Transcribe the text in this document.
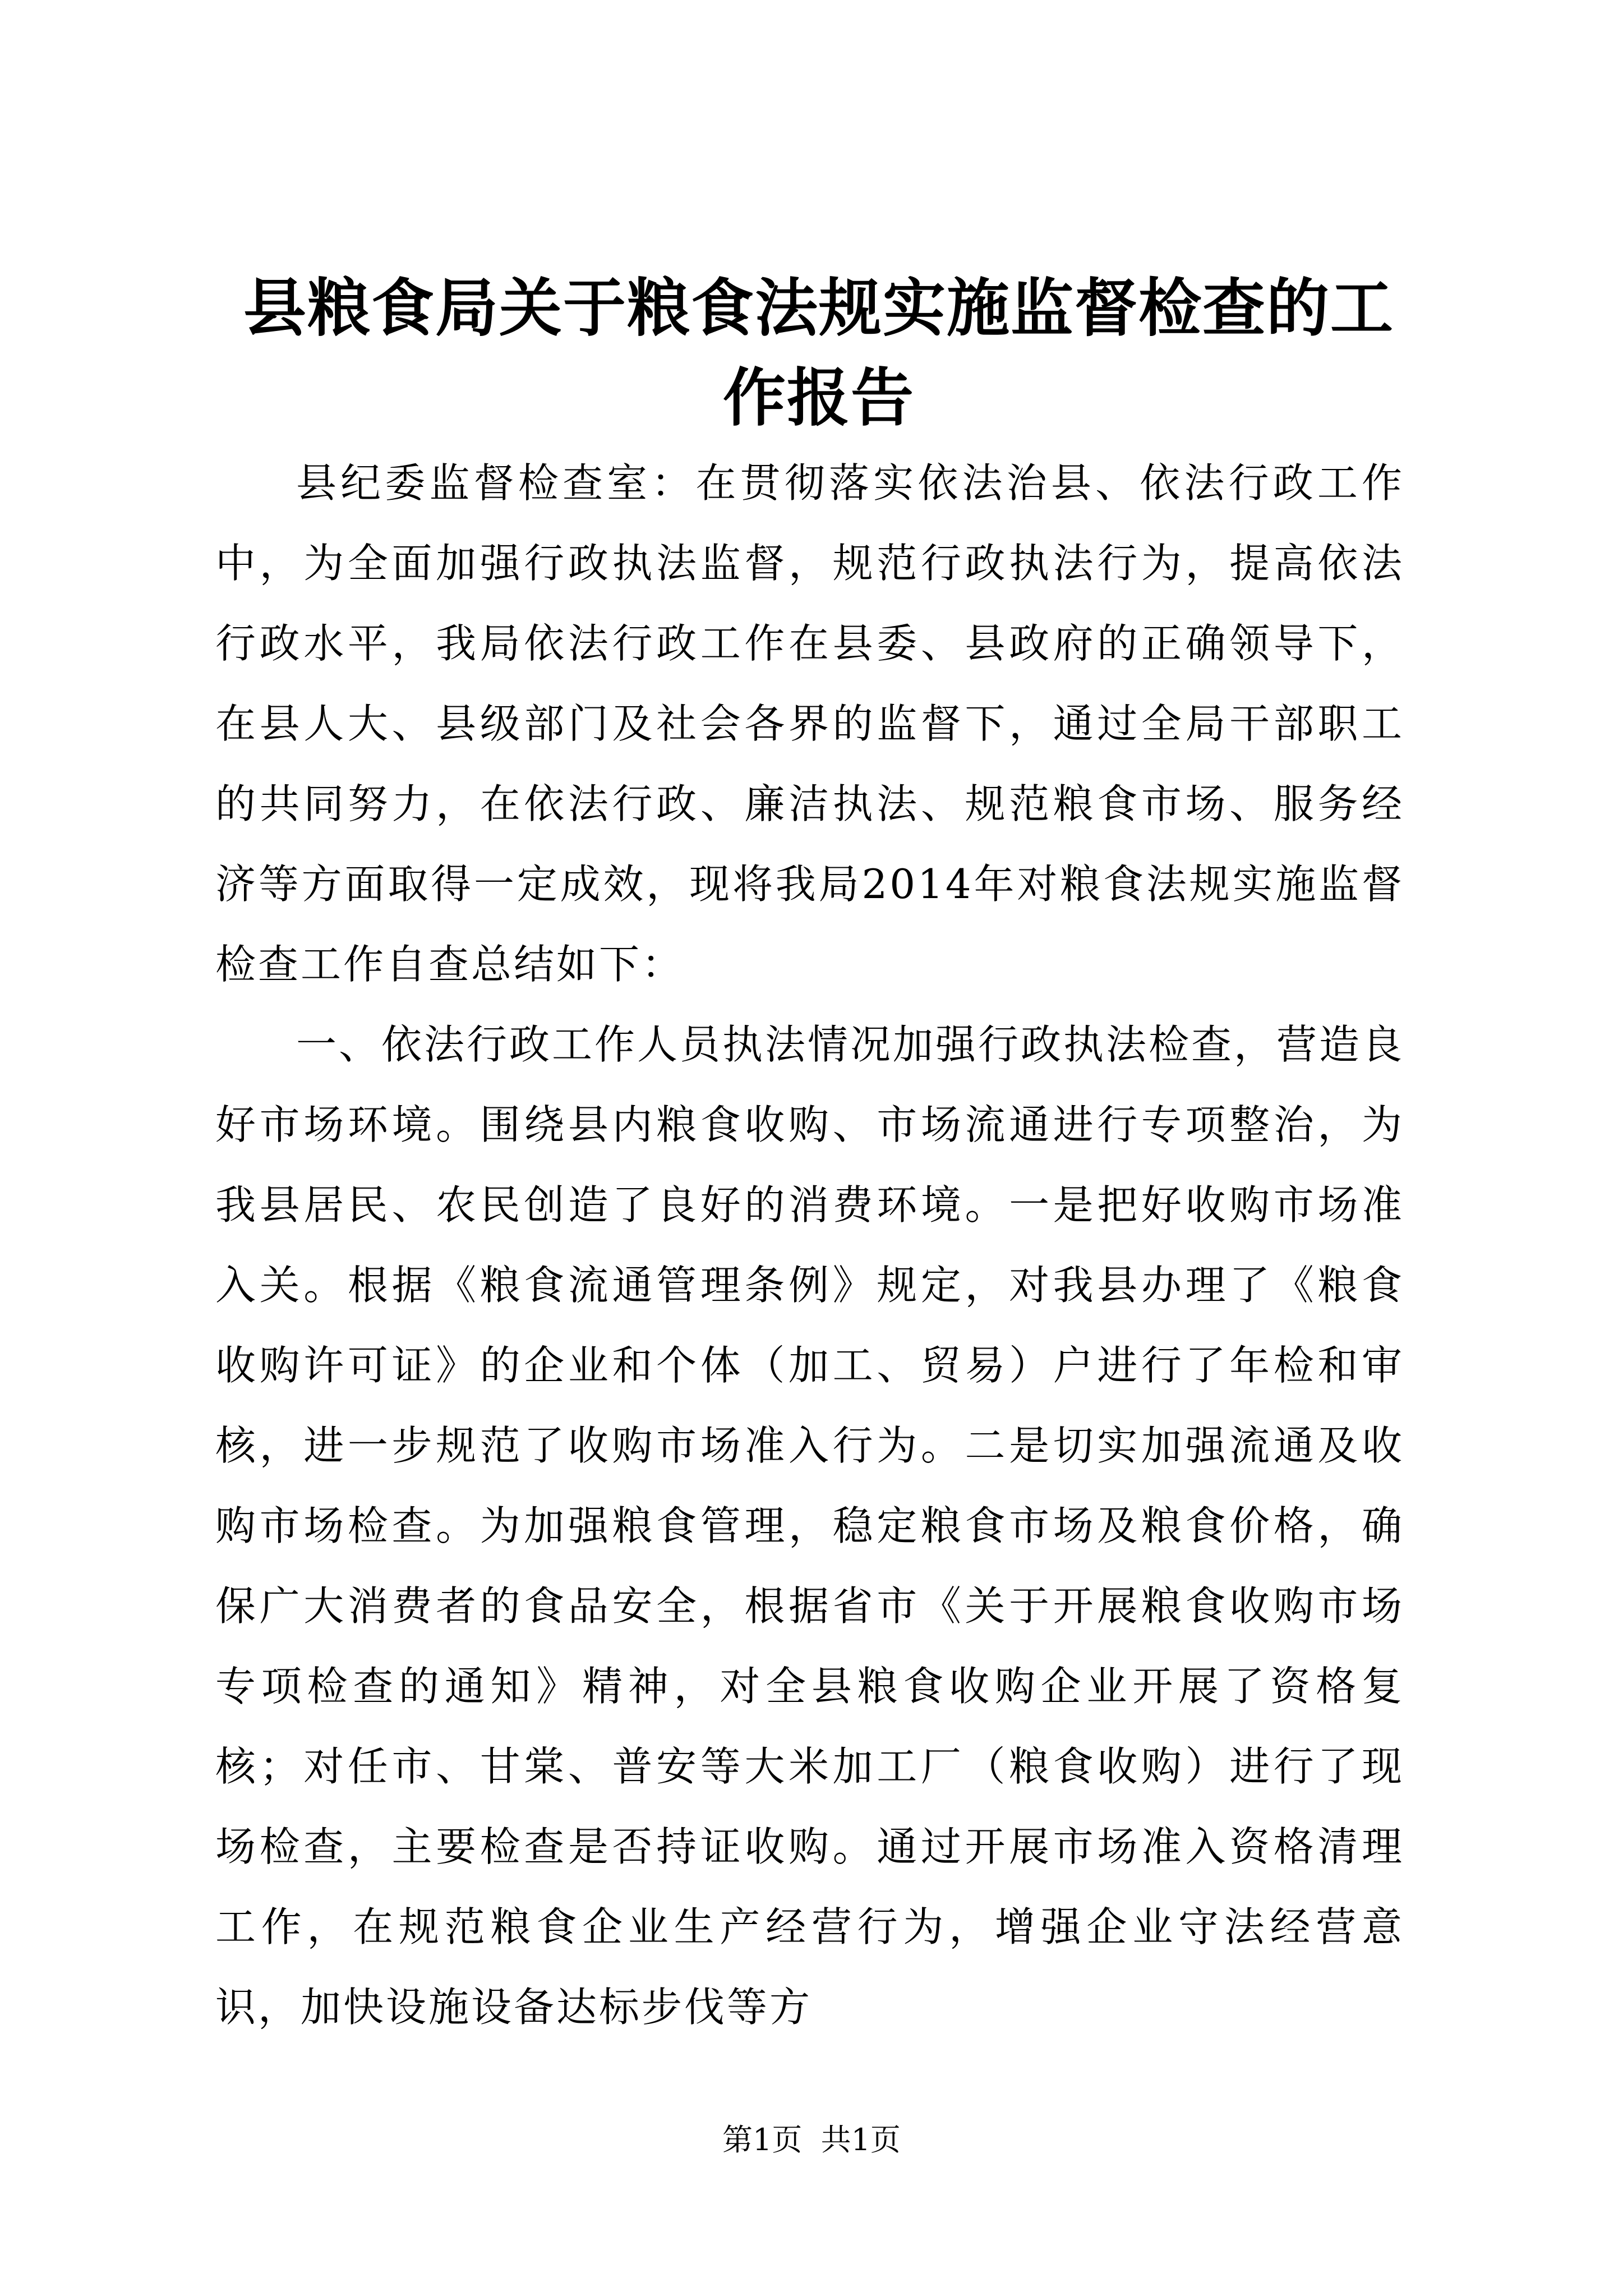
县粮食局关于粮食法规实施监督检查的工作报告

县纪委监督检查室：在贯彻落实依法治县、依法行政工作中，为全面加强行政执法监督，规范行政执法行为，提高依法行政水平，我局依法行政工作在县委、县政府的正确领导下，在县人大、县级部门及社会各界的监督下，通过全局干部职工的共同努力，在依法行政、廉洁执法、规范粮食市场、服务经济等方面取得一定成效，现将我局2014年对粮食法规实施监督检查工作自查总结如下：

一、依法行政工作人员执法情况加强行政执法检查，营造良好市场环境。围绕县内粮食收购、市场流通进行专项整治，为我县居民、农民创造了良好的消费环境。一是把好收购市场准入关。根据《粮食流通管理条例》规定，对我县办理了《粮食收购许可证》的企业和个体（加工、贸易）户进行了年检和审核，进一步规范了收购市场准入行为。二是切实加强流通及收购市场检查。为加强粮食管理，稳定粮食市场及粮食价格，确保广大消费者的食品安全，根据省市《关于开展粮食收购市场专项检查的通知》精神，对全县粮食收购企业开展了资格复核；对任市、甘棠、普安等大米加工厂（粮食收购）进行了现场检查，主要检查是否持证收购。通过开展市场准入资格清理工作，在规范粮食企业生产经营行为，增强企业守法经营意识，加快设施设备达标步伐等方

第1页 共1页
